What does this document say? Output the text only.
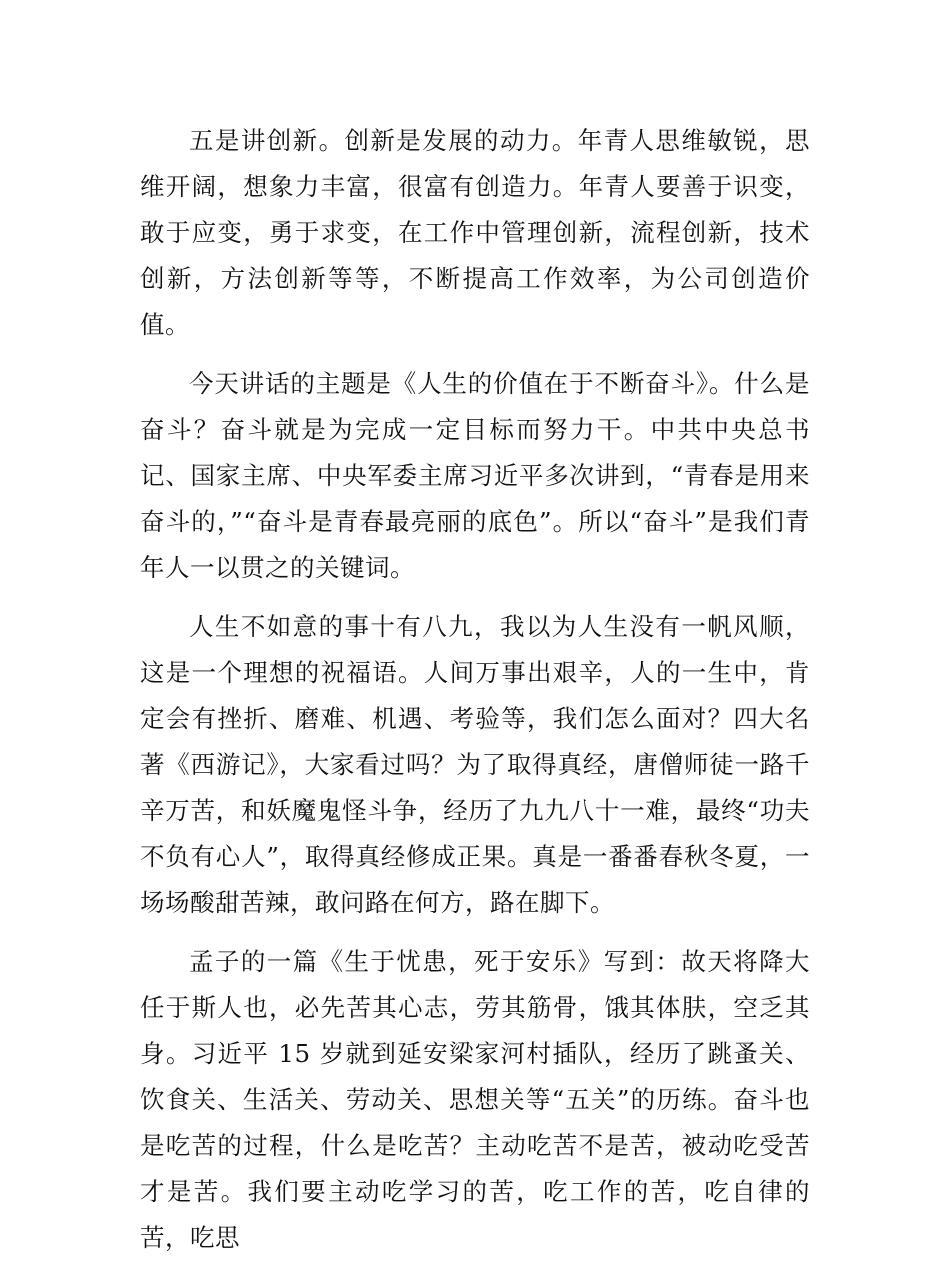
五是讲创新。创新是发展的动力。年青人思维敏锐，思维开阔，想象力丰富，很富有创造力。年青人要善于识变，敢于应变，勇于求变，在工作中管理创新，流程创新，技术创新，方法创新等等，不断提高工作效率，为公司创造价值。

今天讲话的主题是《人生的价值在于不断奋斗》。什么是奋斗？奋斗就是为完成一定目标而努力干。中共中央总书记、国家主席、中央军委主席习近平多次讲到，“青春是用来奋斗的，”“奋斗是青春最亮丽的底色”。所以“奋斗”是我们青年人一以贯之的关键词。

人生不如意的事十有八九，我以为人生没有一帆风顺，这是一个理想的祝福语。人间万事出艰辛，人的一生中，肯定会有挫折、磨难、机遇、考验等，我们怎么面对？四大名著《西游记》，大家看过吗？为了取得真经，唐僧师徒一路千辛万苦，和妖魔鬼怪斗争，经历了九九八十一难，最终“功夫不负有心人”，取得真经修成正果。真是一番番春秋冬夏，一场场酸甜苦辣，敢问路在何方，路在脚下。

孟子的一篇《生于忧患，死于安乐》写到：故天将降大任于斯人也，必先苦其心志，劳其筋骨，饿其体肤，空乏其身。习近平 15 岁就到延安梁家河村插队，经历了跳蚤关、饮食关、生活关、劳动关、思想关等“五关”的历练。奋斗也是吃苦的过程，什么是吃苦？主动吃苦不是苦，被动吃受苦才是苦。我们要主动吃学习的苦，吃工作的苦，吃自律的苦，吃思
